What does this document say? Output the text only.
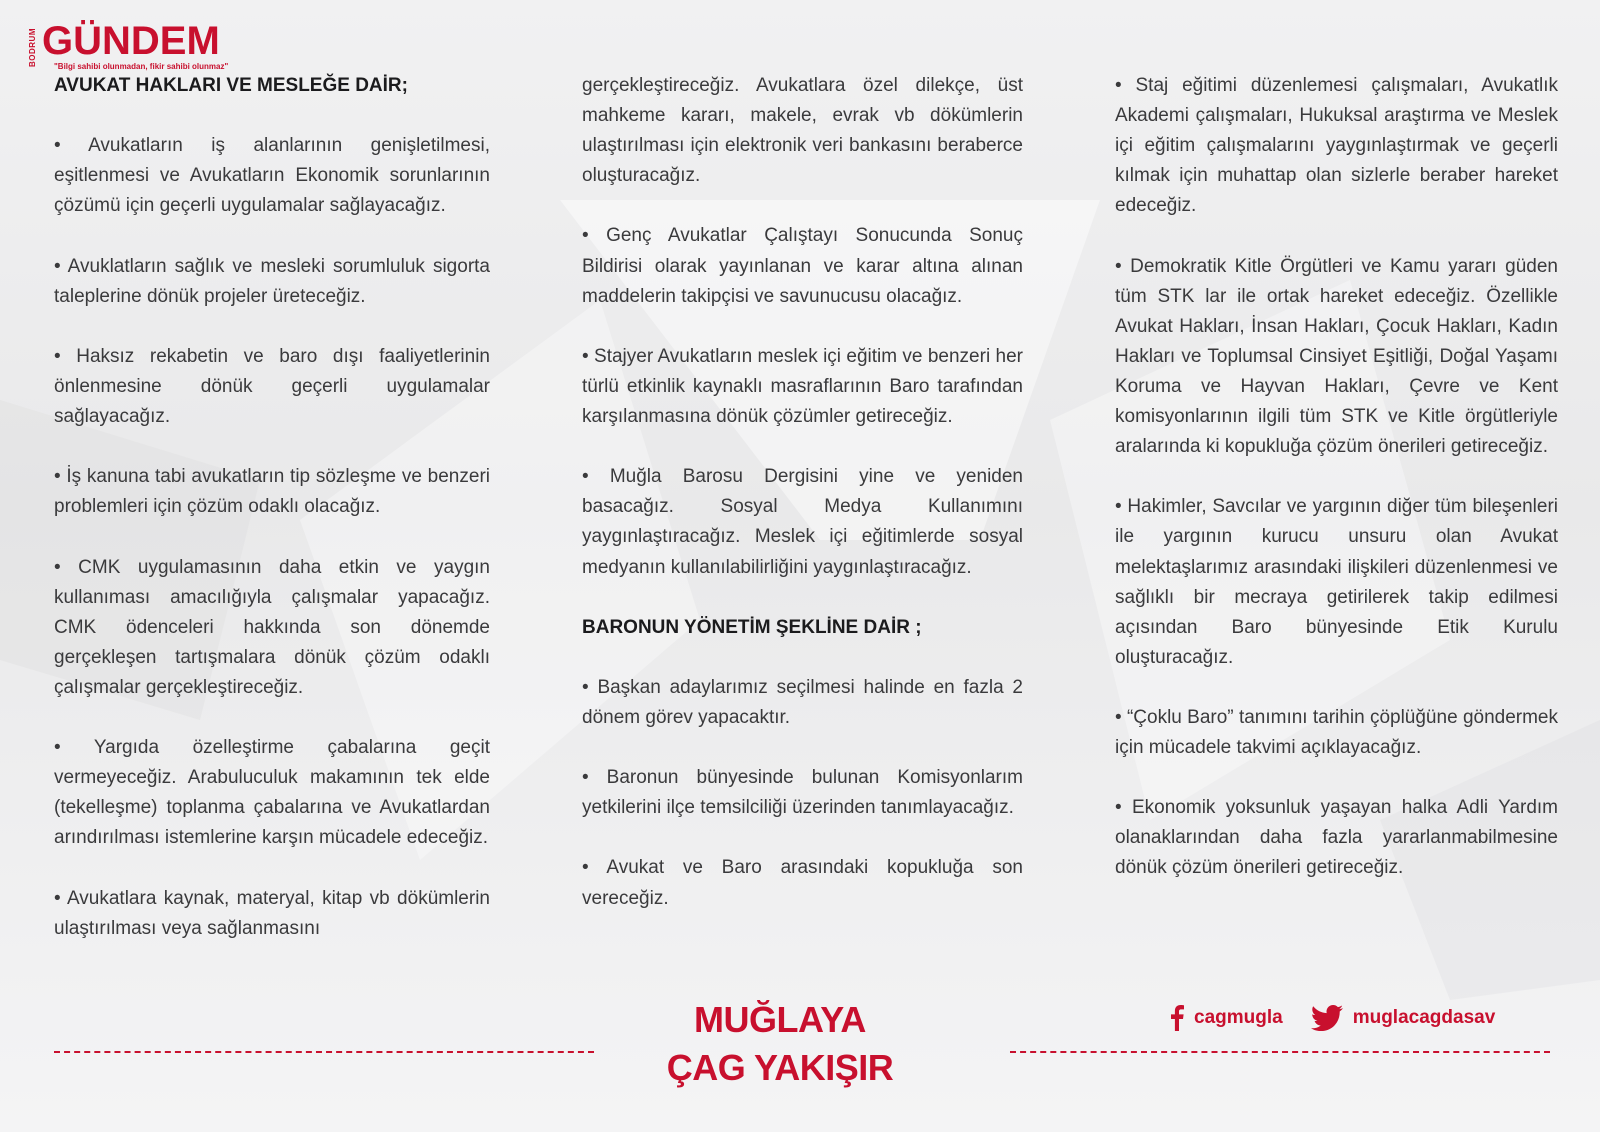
BODRUM GÜNDEM
"Bilgi sahibi olunmadan, fikir sahibi olunmaz"
AVUKAT HAKLARI VE MESLEĞE DAİR;

• Avukatların iş alanlarının genişletilmesi, eşitlenmesi ve Avukatların Ekonomik sorunlarının çözümü için geçerli uygulamalar sağlayacağız.

• Avuklatların sağlık ve mesleki sorumluluk sigorta taleplerine dönük projeler üreteceğiz.

• Haksız rekabetin ve baro dışı faaliyetlerinin önlenmesine dönük geçerli uygulamalar sağlayacağız.

• İş kanuna tabi avukatların tip sözleşme ve benzeri problemleri için çözüm odaklı olacağız.

• CMK uygulamasının daha etkin ve yaygın kullanıması amacılığıyla çalışmalar yapacağız. CMK ödenceleri hakkında son dönemde gerçekleşen tartışmalara dönük çözüm odaklı çalışmalar gerçekleştireceğiz.

• Yargıda özelleştirme çabalarına geçit vermeyeceğiz. Arabuluculuk makamının tek elde (tekelleşme) toplanma çabalarına ve Avukatlardan arındırılması istemlerine karşın mücadele edeceğiz.

• Avukatlara kaynak, materyal, kitap vb dökümlerin ulaştırılması veya sağlanmasını

gerçekleştireceğiz. Avukatlara özel dilekçe, üst mahkeme kararı, makele, evrak vb dökümlerin ulaştırılması için elektronik veri bankasını beraberce oluşturacağız.

• Genç Avukatlar Çalıştayı Sonucunda Sonuç Bildirisi olarak yayınlanan ve karar altına alınan maddelerin takipçisi ve savunucusu olacağız.

• Stajyer Avukatların meslek içi eğitim ve benzeri her türlü etkinlik kaynaklı masraflarının Baro tarafından karşılanmasına dönük çözümler getireceğiz.

• Muğla Barosu Dergisini yine ve yeniden basacağız. Sosyal Medya Kullanımını yaygınlaştıracağız. Meslek içi eğitimlerde sosyal medyanın kullanılabilirliğini yaygınlaştıracağız.

BARONUN YÖNETİM ŞEKLİNE DAİR ;

• Başkan adaylarımız seçilmesi halinde en fazla 2 dönem görev yapacaktır.

• Baronun bünyesinde bulunan Komisyonlarım yetkilerini ilçe temsilciliği üzerinden tanımlayacağız.

• Avukat ve Baro arasındaki kopukluğa son vereceğiz.

• Staj eğitimi düzenlemesi çalışmaları, Avukatlık Akademi çalışmaları, Hukuksal araştırma ve Meslek içi eğitim çalışmalarını yaygınlaştırmak ve geçerli kılmak için muhattap olan sizlerle beraber hareket edeceğiz.

• Demokratik Kitle Örgütleri ve Kamu yararı güden tüm STK lar ile ortak hareket edeceğiz. Özellikle Avukat Hakları, İnsan Hakları, Çocuk Hakları, Kadın Hakları ve Toplumsal Cinsiyet Eşitliği, Doğal Yaşamı Koruma ve Hayvan Hakları, Çevre ve Kent komisyonlarının ilgili tüm STK ve Kitle örgütleriyle aralarında ki kopukluğa çözüm önerileri getireceğiz.

• Hakimler, Savcılar ve yargının diğer tüm bileşenleri ile yargının kurucu unsuru olan Avukat melektaşlarımız arasındaki ilişkileri düzenlenmesi ve sağlıklı bir mecraya getirilerek takip edilmesi açısından Baro bünyesinde Etik Kurulu oluşturacağız.

• “Çoklu Baro” tanımını tarihin çöplüğüne göndermek için mücadele takvimi açıklayacağız.

• Ekonomik yoksunluk yaşayan halka Adli Yardım olanaklarından daha fazla yararlanmabilmesine dönük çözüm önerileri getireceğiz.

MUĞLAYA
ÇAG YAKIŞIR
cagmugla	muglacagdasav
